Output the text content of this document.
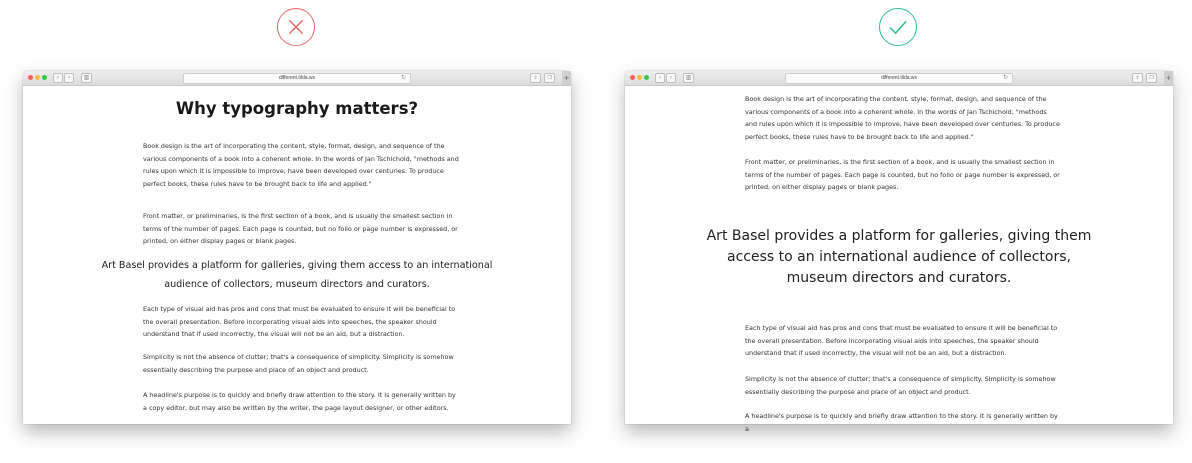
‹	›	▥	different.tilda.ws	↻	⇪	❐	+
Why typography matters?

Book design is the art of incorporating the content, style, format, design, and sequence of the various components of a book into a coherent whole. In the words of Jan Tschichold, "methods and rules upon which it is impossible to improve, have been developed over centuries. To produce perfect books, these rules have to be brought back to life and applied."

Front matter, or preliminaries, is the first section of a book, and is usually the smallest section in terms of the number of pages. Each page is counted, but no folio or page number is expressed, or printed, on either display pages or blank pages.

Art Basel provides a platform for galleries, giving them access to an international audience of collectors, museum directors and curators.

Each type of visual aid has pros and cons that must be evaluated to ensure it will be beneficial to the overall presentation. Before incorporating visual aids into speeches, the speaker should understand that if used incorrectly, the visual will not be an aid, but a distraction.

Simplicity is not the absence of clutter; that's a consequence of simplicity. Simplicity is somehow essentially describing the purpose and place of an object and product.

A headline's purpose is to quickly and briefly draw attention to the story. It is generally written by a copy editor, but may also be written by the writer, the page layout designer, or other editors.

‹	›	▥	different.tilda.ws	↻	⇪	❐	+

Book design is the art of incorporating the content, style, format, design, and sequence of the various components of a book into a coherent whole. In the words of Jan Tschichold, "methods and rules upon which it is impossible to improve, have been developed over centuries. To produce perfect books, these rules have to be brought back to life and applied."

Front matter, or preliminaries, is the first section of a book, and is usually the smallest section in terms of the number of pages. Each page is counted, but no folio or page number is expressed, or printed, on either display pages or blank pages.

Art Basel provides a platform for galleries, giving them access to an international audience of collectors, museum directors and curators.

Each type of visual aid has pros and cons that must be evaluated to ensure it will be beneficial to the overall presentation. Before incorporating visual aids into speeches, the speaker should understand that if used incorrectly, the visual will not be an aid, but a distraction.

Simplicity is not the absence of clutter; that's a consequence of simplicity. Simplicity is somehow essentially describing the purpose and place of an object and product.

A headline's purpose is to quickly and briefly draw attention to the story. It is generally written by a
